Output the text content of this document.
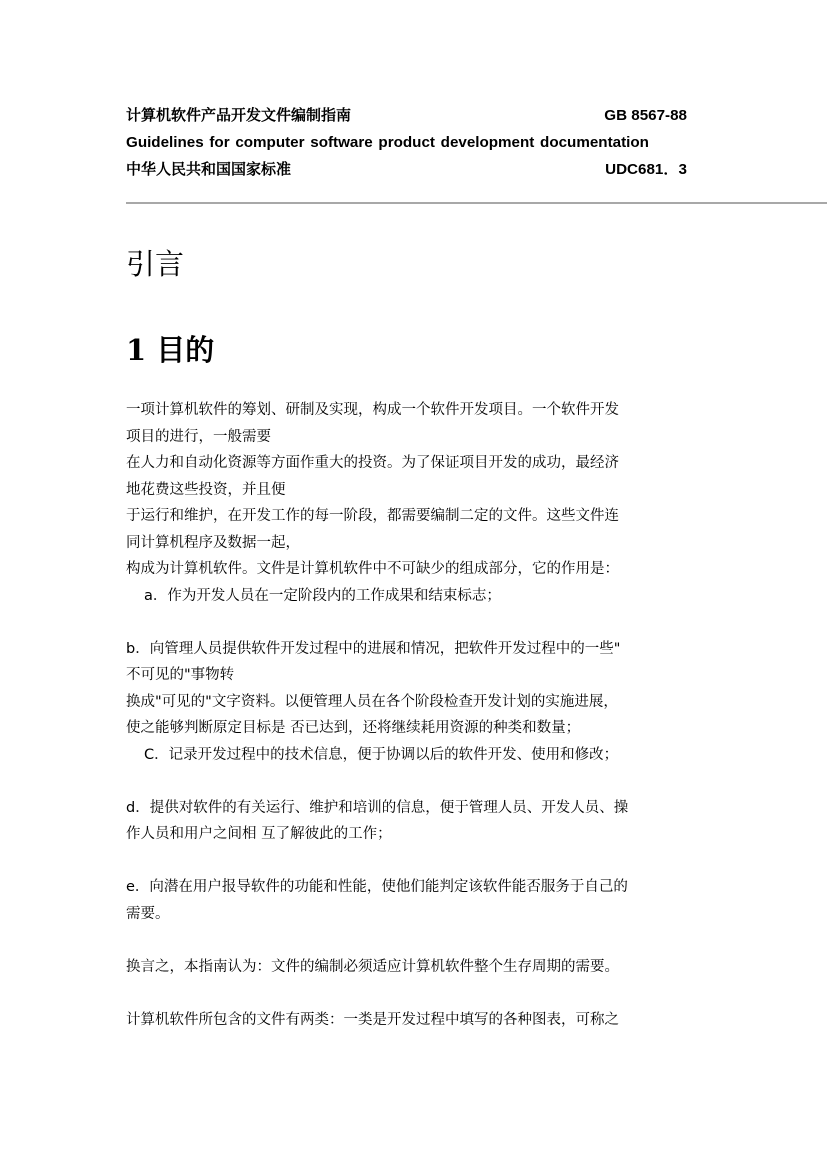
计算机软件产品开发文件编制指南	GB 8567-88
Guidelines for computer software product development documentation
中华人民共和国国家标准	UDC681．3
引言
1 目的
一项计算机软件的筹划、研制及实现，构成一个软件开发项目。一个软件开发
项目的进行，一般需要
在人力和自动化资源等方面作重大的投资。为了保证项目开发的成功，最经济
地花费这些投资，并且便
于运行和维护，在开发工作的每一阶段，都需要编制二定的文件。这些文件连
同计算机程序及数据一起，
构成为计算机软件。文件是计算机软件中不可缺少的组成部分，它的作用是：
a．作为开发人员在一定阶段内的工作成果和结束标志；
b．向管理人员提供软件开发过程中的进展和情况，把软件开发过程中的一些"
不可见的"事物转
换成"可见的"文字资料。以便管理人员在各个阶段检查开发计划的实施进展，
使之能够判断原定目标是 否已达到，还将继续耗用资源的种类和数量；
C．记录开发过程中的技术信息，便于协调以后的软件开发、使用和修改；
d．提供对软件的有关运行、维护和培训的信息，便于管理人员、开发人员、操
作人员和用户之间相 互了解彼此的工作；
e．向潜在用户报导软件的功能和性能，使他们能判定该软件能否服务于自己的
需要。
换言之，本指南认为：文件的编制必须适应计算机软件整个生存周期的需要。
计算机软件所包含的文件有两类：一类是开发过程中填写的各种图表，可称之
